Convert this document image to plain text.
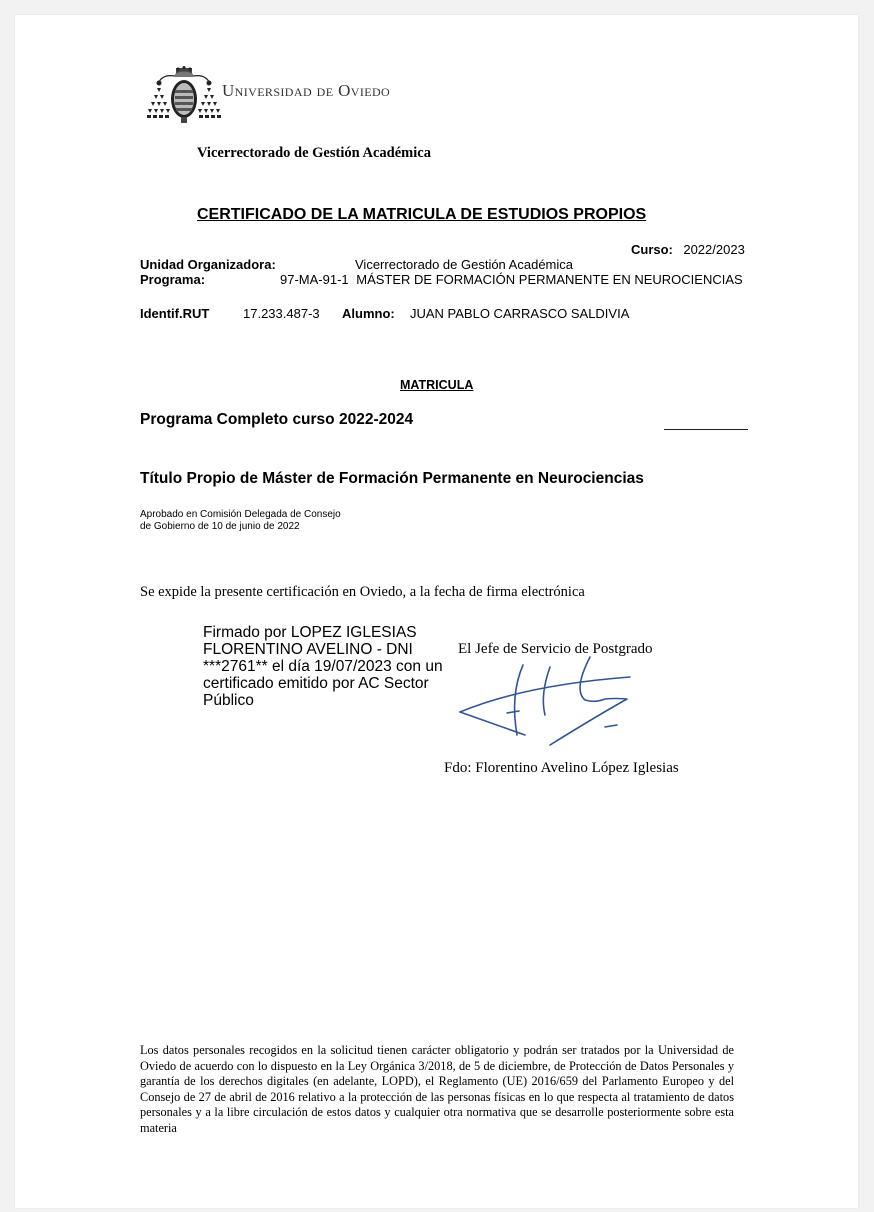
Universidad de Oviedo
Vicerrectorado de Gestión Académica
CERTIFICADO DE LA MATRICULA DE ESTUDIOS PROPIOS
Curso: 2022/2023
Unidad Organizadora:	Vicerrectorado de Gestión Académica
Programa:	97-MA-91-1 MÁSTER DE FORMACIÓN PERMANENTE EN NEUROCIENCIAS
Identif.RUT	17.233.487-3 Alumno: JUAN PABLO CARRASCO SALDIVIA
MATRICULA
Programa Completo curso 2022-2024
Título Propio de Máster de Formación Permanente en Neurociencias
Aprobado en Comisión Delegada de Consejo
de Gobierno de 10 de junio de 2022
Se expide la presente certificación en Oviedo, a la fecha de firma electrónica
Firmado por LOPEZ IGLESIAS
FLORENTINO AVELINO - DNI
***2761** el día 19/07/2023 con un
certificado emitido por AC Sector
Público
El Jefe de Servicio de Postgrado
Fdo: Florentino Avelino López Iglesias

Los datos personales recogidos en la solicitud tienen carácter obligatorio y podrán ser tratados por la Universidad de Oviedo de acuerdo con lo dispuesto en la Ley Orgánica 3/2018, de 5 de diciembre, de Protección de Datos Personales y garantía de los derechos digitales (en adelante, LOPD), el Reglamento (UE) 2016/659 del Parlamento Europeo y del Consejo de 27 de abril de 2016 relativo a la protección de las personas físicas en lo que respecta al tratamiento de datos personales y a la libre circulación de estos datos y cualquier otra normativa que se desarrolle posteriormente sobre esta materia
